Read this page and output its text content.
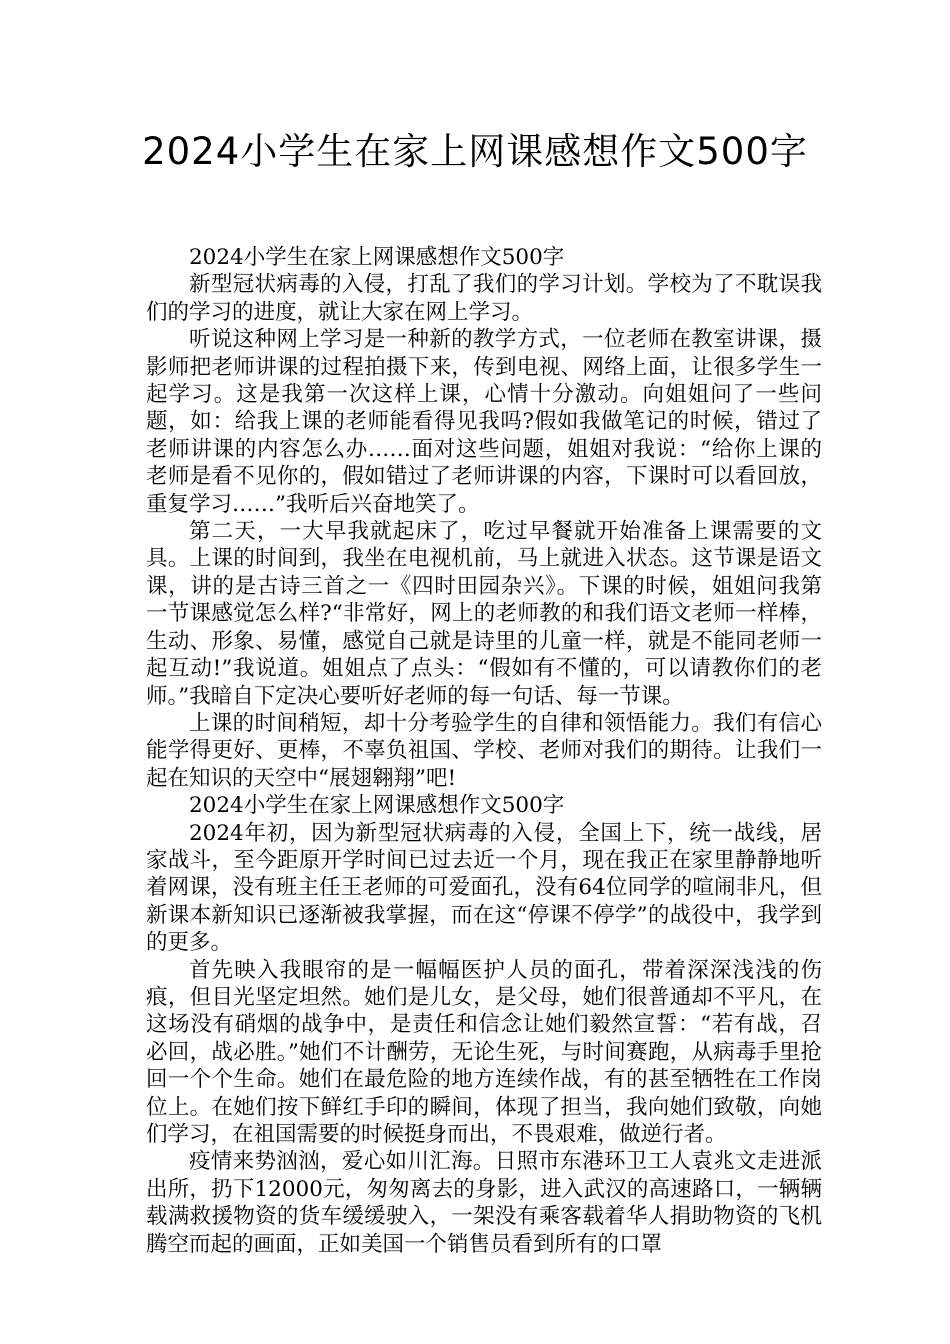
2024小学生在家上网课感想作文500字

2024小学生在家上网课感想作文500字

新型冠状病毒的入侵，打乱了我们的学习计划。学校为了不耽误我们的学习的进度，就让大家在网上学习。

听说这种网上学习是一种新的教学方式，一位老师在教室讲课，摄影师把老师讲课的过程拍摄下来，传到电视、网络上面，让很多学生一起学习。这是我第一次这样上课，心情十分激动。向姐姐问了一些问题，如：给我上课的老师能看得见我吗?假如我做笔记的时候，错过了老师讲课的内容怎么办……面对这些问题，姐姐对我说：“给你上课的老师是看不见你的，假如错过了老师讲课的内容，下课时可以看回放，重复学习……”我听后兴奋地笑了。

第二天，一大早我就起床了，吃过早餐就开始准备上课需要的文具。上课的时间到，我坐在电视机前，马上就进入状态。这节课是语文课，讲的是古诗三首之一《四时田园杂兴》。下课的时候，姐姐问我第一节课感觉怎么样?“非常好，网上的老师教的和我们语文老师一样棒，生动、形象、易懂，感觉自己就是诗里的儿童一样，就是不能同老师一起互动!”我说道。姐姐点了点头：“假如有不懂的，可以请教你们的老师。”我暗自下定决心要听好老师的每一句话、每一节课。

上课的时间稍短，却十分考验学生的自律和领悟能力。我们有信心能学得更好、更棒，不辜负祖国、学校、老师对我们的期待。让我们一起在知识的天空中“展翅翱翔”吧!

2024小学生在家上网课感想作文500字

2024年初，因为新型冠状病毒的入侵，全国上下，统一战线，居家战斗，至今距原开学时间已过去近一个月，现在我正在家里静静地听着网课，没有班主任王老师的可爱面孔，没有64位同学的喧闹非凡，但新课本新知识已逐渐被我掌握，而在这“停课不停学”的战役中，我学到的更多。

首先映入我眼帘的是一幅幅医护人员的面孔，带着深深浅浅的伤痕，但目光坚定坦然。她们是儿女，是父母，她们很普通却不平凡，在这场没有硝烟的战争中，是责任和信念让她们毅然宣誓：“若有战，召必回，战必胜。”她们不计酬劳，无论生死，与时间赛跑，从病毒手里抢回一个个生命。她们在最危险的地方连续作战，有的甚至牺牲在工作岗位上。在她们按下鲜红手印的瞬间，体现了担当，我向她们致敬，向她们学习，在祖国需要的时候挺身而出，不畏艰难，做逆行者。

疫情来势汹汹，爱心如川汇海。日照市东港环卫工人袁兆文走进派出所，扔下12000元，匆匆离去的身影，进入武汉的高速路口，一辆辆载满救援物资的货车缓缓驶入，一架没有乘客载着华人捐助物资的飞机腾空而起的画面，正如美国一个销售员看到所有的口罩
